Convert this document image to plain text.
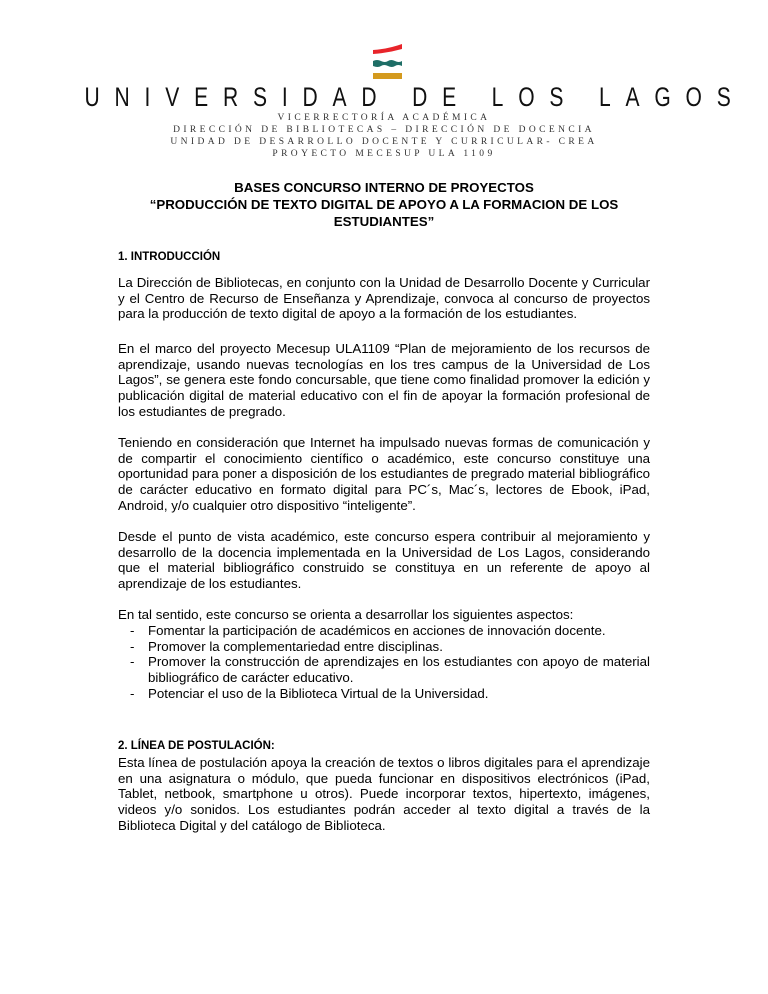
UNIVERSIDAD DE LOS LAGOS
VICERRECTORÍA ACADÉMICA
DIRECCIÓN DE BIBLIOTECAS – DIRECCIÓN DE DOCENCIA
UNIDAD DE DESARROLLO DOCENTE Y CURRICULAR- CREA
PROYECTO MECESUP ULA 1109
BASES CONCURSO INTERNO DE PROYECTOS
“PRODUCCIÓN DE TEXTO DIGITAL DE APOYO A LA FORMACION DE LOS ESTUDIANTES”
1. INTRODUCCIÓN

La Dirección de Bibliotecas, en conjunto con la Unidad de Desarrollo Docente y Curricular y el Centro de Recurso de Enseñanza y Aprendizaje, convoca al concurso de proyectos para la producción de texto digital de apoyo a la formación de los estudiantes.

En el marco del proyecto Mecesup ULA1109 “Plan de mejoramiento de los recursos de aprendizaje, usando nuevas tecnologías en los tres campus de la Universidad de Los Lagos”, se genera este fondo concursable, que tiene como finalidad promover la edición y publicación digital de material educativo con el fin de apoyar la formación profesional de los estudiantes de pregrado.

Teniendo en consideración que Internet ha impulsado nuevas formas de comunicación y de compartir el conocimiento científico o académico, este concurso constituye una oportunidad para poner a disposición de los estudiantes de pregrado material bibliográfico de carácter educativo en formato digital para PC´s, Mac´s, lectores de Ebook, iPad, Android, y/o cualquier otro dispositivo “inteligente”.

Desde el punto de vista académico, este concurso espera contribuir al mejoramiento y desarrollo de la docencia implementada en la Universidad de Los Lagos, considerando que el material bibliográfico construido se constituya en un referente de apoyo al aprendizaje de los estudiantes.

En tal sentido, este concurso se orienta a desarrollar los siguientes aspectos:

- Fomentar la participación de académicos en acciones de innovación docente.
- Promover la complementariedad entre disciplinas.
- Promover la construcción de aprendizajes en los estudiantes con apoyo de material bibliográfico de carácter educativo.
- Potenciar el uso de la Biblioteca Virtual de la Universidad.
2. LÍNEA DE POSTULACIÓN:

Esta línea de postulación apoya la creación de textos o libros digitales para el aprendizaje en una asignatura o módulo, que pueda funcionar en dispositivos electrónicos (iPad, Tablet, netbook, smartphone u otros). Puede incorporar textos, hipertexto, imágenes, videos y/o sonidos. Los estudiantes podrán acceder al texto digital a través de la Biblioteca Digital y del catálogo de Biblioteca.
